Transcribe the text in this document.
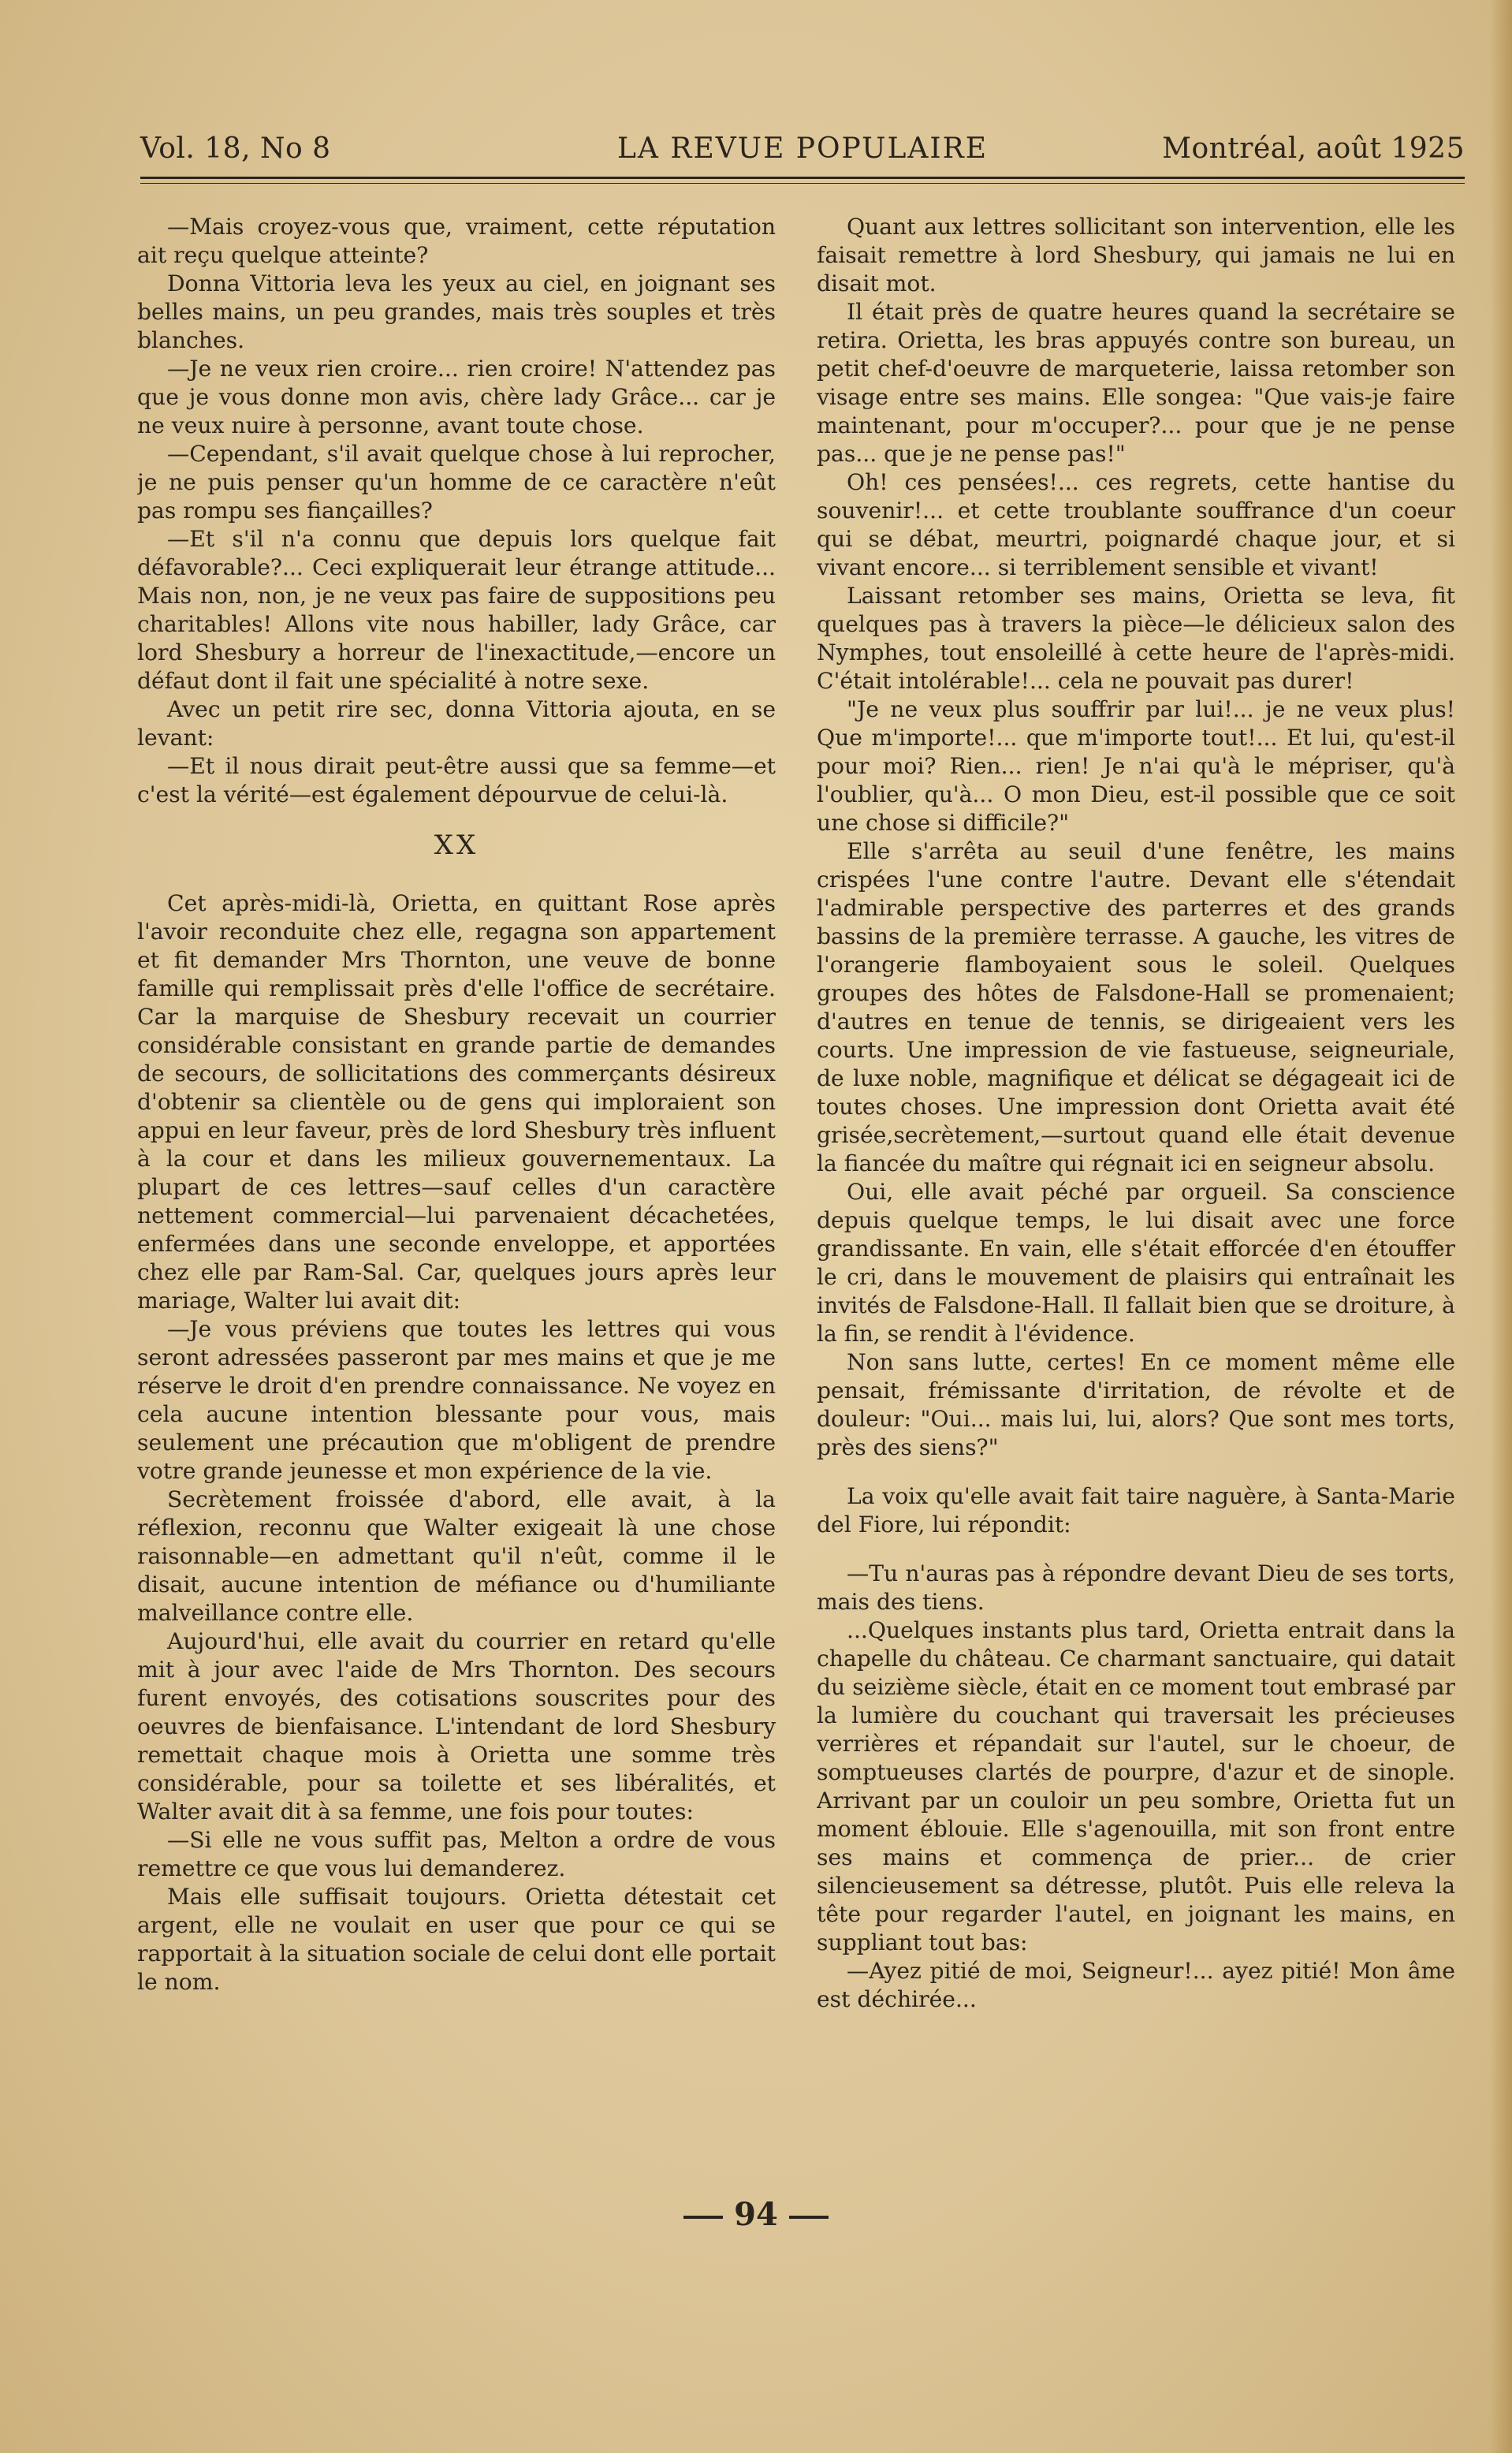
Vol. 18, No 8	LA REVUE POPULAIRE	Montréal, août 1925

—Mais croyez-vous que, vraiment, cette réputation ait reçu quelque atteinte?

Donna Vittoria leva les yeux au ciel, en joignant ses belles mains, un peu grandes, mais très souples et très blanches.

—Je ne veux rien croire... rien croire! N'attendez pas que je vous donne mon avis, chère lady Grâce... car je ne veux nuire à personne, avant toute chose.

—Cependant, s'il avait quelque chose à lui reprocher, je ne puis penser qu'un homme de ce caractère n'eût pas rompu ses fiançailles?

—Et s'il n'a connu que depuis lors quelque fait défavorable?... Ceci expliquerait leur étrange attitude... Mais non, non, je ne veux pas faire de suppositions peu charitables! Allons vite nous habiller, lady Grâce, car lord Shesbury a horreur de l'inexactitude,—encore un défaut dont il fait une spécialité à notre sexe.

Avec un petit rire sec, donna Vittoria ajouta, en se levant:

—Et il nous dirait peut-être aussi que sa femme—et c'est la vérité—est également dépourvue de celui-là.

XX

Cet après-midi-là, Orietta, en quittant Rose après l'avoir reconduite chez elle, regagna son appartement et fit demander Mrs Thornton, une veuve de bonne famille qui remplissait près d'elle l'office de secrétaire. Car la marquise de Shesbury recevait un courrier considérable consistant en grande partie de demandes de secours, de sollicitations des commerçants désireux d'obtenir sa clientèle ou de gens qui imploraient son appui en leur faveur, près de lord Shesbury très influent à la cour et dans les milieux gouvernementaux. La plupart de ces lettres—sauf celles d'un caractère nettement commercial—lui parvenaient décachetées, enfermées dans une seconde enveloppe, et apportées chez elle par Ram-Sal. Car, quelques jours après leur mariage, Walter lui avait dit:

—Je vous préviens que toutes les lettres qui vous seront adressées passeront par mes mains et que je me réserve le droit d'en prendre connaissance. Ne voyez en cela aucune intention blessante pour vous, mais seulement une précaution que m'obligent de prendre votre grande jeunesse et mon expérience de la vie.

Secrètement froissée d'abord, elle avait, à la réflexion, reconnu que Walter exigeait là une chose raisonnable—en admettant qu'il n'eût, comme il le disait, aucune intention de méfiance ou d'humiliante malveillance contre elle.

Aujourd'hui, elle avait du courrier en retard qu'elle mit à jour avec l'aide de Mrs Thornton. Des secours furent envoyés, des cotisations souscrites pour des oeuvres de bienfaisance. L'intendant de lord Shesbury remettait chaque mois à Orietta une somme très considérable, pour sa toilette et ses libéralités, et Walter avait dit à sa femme, une fois pour toutes:

—Si elle ne vous suffit pas, Melton a ordre de vous remettre ce que vous lui demanderez.

Mais elle suffisait toujours. Orietta détestait cet argent, elle ne voulait en user que pour ce qui se rapportait à la situation sociale de celui dont elle portait le nom.

Quant aux lettres sollicitant son intervention, elle les faisait remettre à lord Shesbury, qui jamais ne lui en disait mot.

Il était près de quatre heures quand la secrétaire se retira. Orietta, les bras appuyés contre son bureau, un petit chef-d'oeuvre de marqueterie, laissa retomber son visage entre ses mains. Elle songea: "Que vais-je faire maintenant, pour m'occuper?... pour que je ne pense pas... que je ne pense pas!"

Oh! ces pensées!... ces regrets, cette hantise du souvenir!... et cette troublante souffrance d'un coeur qui se débat, meurtri, poignardé chaque jour, et si vivant encore... si terriblement sensible et vivant!

Laissant retomber ses mains, Orietta se leva, fit quelques pas à travers la pièce—le délicieux salon des Nymphes, tout ensoleillé à cette heure de l'après-midi. C'était intolérable!... cela ne pouvait pas durer!

"Je ne veux plus souffrir par lui!... je ne veux plus! Que m'importe!... que m'importe tout!... Et lui, qu'est-il pour moi? Rien... rien! Je n'ai qu'à le mépriser, qu'à l'oublier, qu'à... O mon Dieu, est-il possible que ce soit une chose si difficile?"

Elle s'arrêta au seuil d'une fenêtre, les mains crispées l'une contre l'autre. Devant elle s'étendait l'admirable perspective des parterres et des grands bassins de la première terrasse. A gauche, les vitres de l'orangerie flamboyaient sous le soleil. Quelques groupes des hôtes de Falsdone-Hall se promenaient; d'autres en tenue de tennis, se dirigeaient vers les courts. Une impression de vie fastueuse, seigneuriale, de luxe noble, magnifique et délicat se dégageait ici de toutes choses. Une impression dont Orietta avait été grisée,secrètement,—surtout quand elle était devenue la fiancée du maître qui régnait ici en seigneur absolu.

Oui, elle avait péché par orgueil. Sa conscience depuis quelque temps, le lui disait avec une force grandissante. En vain, elle s'était efforcée d'en étouffer le cri, dans le mouvement de plaisirs qui entraînait les invités de Falsdone-Hall. Il fallait bien que se droiture, à la fin, se rendit à l'évidence.

Non sans lutte, certes! En ce moment même elle pensait, frémissante d'irritation, de révolte et de douleur: "Oui... mais lui, lui, alors? Que sont mes torts, près des siens?"

La voix qu'elle avait fait taire naguère, à Santa-Marie del Fiore, lui répondit:

—Tu n'auras pas à répondre devant Dieu de ses torts, mais des tiens.

...Quelques instants plus tard, Orietta entrait dans la chapelle du château. Ce charmant sanctuaire, qui datait du seizième siècle, était en ce moment tout embrasé par la lumière du couchant qui traversait les précieuses verrières et répandait sur l'autel, sur le choeur, de somptueuses clartés de pourpre, d'azur et de sinople. Arrivant par un couloir un peu sombre, Orietta fut un moment éblouie. Elle s'agenouilla, mit son front entre ses mains et commença de prier... de crier silencieusement sa détresse, plutôt. Puis elle releva la tête pour regarder l'autel, en joignant les mains, en suppliant tout bas:

—Ayez pitié de moi, Seigneur!... ayez pitié! Mon âme est déchirée...

94
